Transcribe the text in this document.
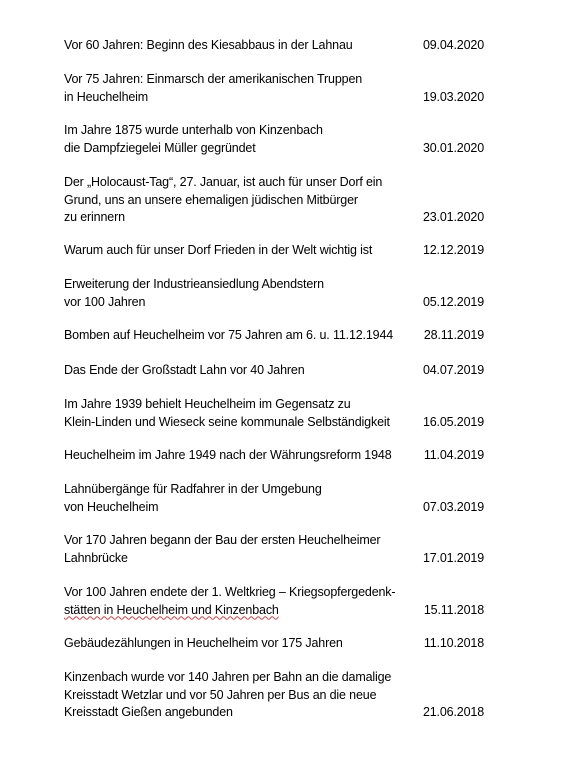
Vor 60 Jahren: Beginn des Kiesabbaus in der Lahnau	09.04.2020
Vor 75 Jahren: Einmarsch der amerikanischen Truppen
in Heuchelheim	19.03.2020
Im Jahre 1875 wurde unterhalb von Kinzenbach
die Dampfziegelei Müller gegründet	30.01.2020
Der „Holocaust-Tag“, 27. Januar, ist auch für unser Dorf ein
Grund, uns an unsere ehemaligen jüdischen Mitbürger
zu erinnern	23.01.2020
Warum auch für unser Dorf Frieden in der Welt wichtig ist	12.12.2019
Erweiterung der Industrieansiedlung Abendstern
vor 100 Jahren	05.12.2019
Bomben auf Heuchelheim vor 75 Jahren am 6. u. 11.12.1944	28.11.2019
Das Ende der Großstadt Lahn vor 40 Jahren	04.07.2019
Im Jahre 1939 behielt Heuchelheim im Gegensatz zu
Klein-Linden und Wieseck seine kommunale Selbständigkeit	16.05.2019
Heuchelheim im Jahre 1949 nach der Währungsreform 1948	11.04.2019
Lahnübergänge für Radfahrer in der Umgebung
von Heuchelheim	07.03.2019
Vor 170 Jahren begann der Bau der ersten Heuchelheimer
Lahnbrücke	17.01.2019
Vor 100 Jahren endete der 1. Weltkrieg – Kriegsopfergedenk-
stätten in Heuchelheim und Kinzenbach	15.11.2018
Gebäudezählungen in Heuchelheim vor 175 Jahren	11.10.2018
Kinzenbach wurde vor 140 Jahren per Bahn an die damalige
Kreisstadt Wetzlar und vor 50 Jahren per Bus an die neue
Kreisstadt Gießen angebunden	21.06.2018
